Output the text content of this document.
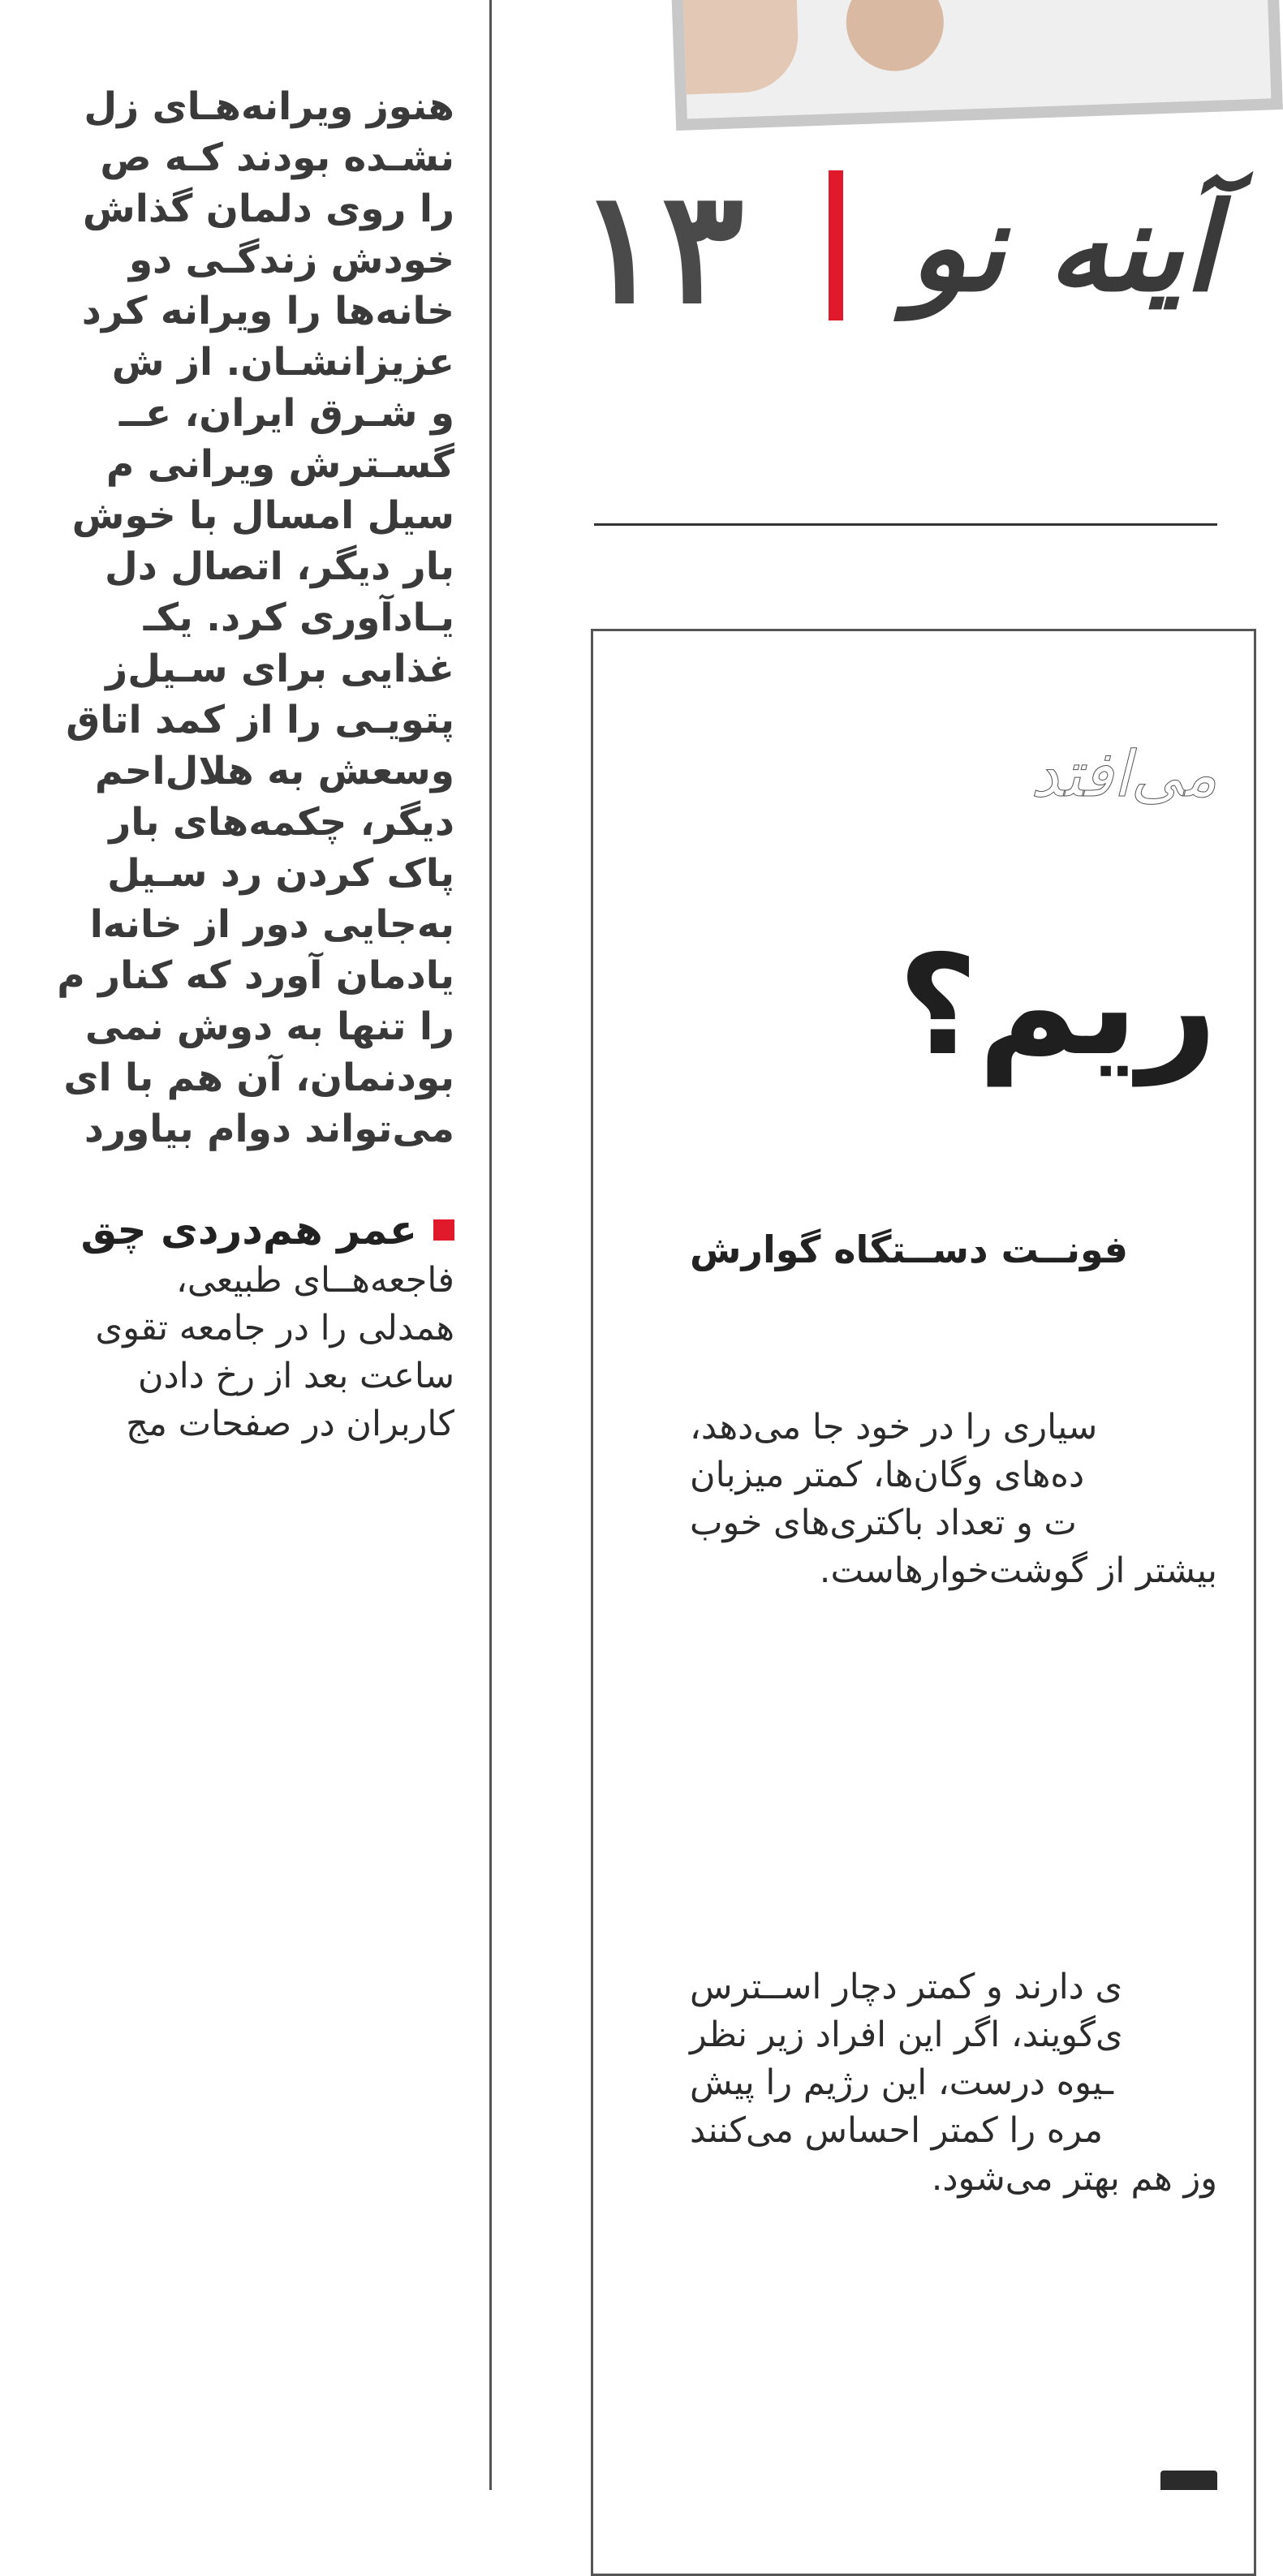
۱۳ آینه نو

هنوز ویرانه‌هـای زل

نشـده بودند کـه ص

را روی دلمان گذاش

خودش زندگـی دو

خانه‌ها را ویرانه کرد

عزیزانشـان. از ش

و شـرق ایران، عــ

گسـترش ویرانی م

سیل امسال با خوش

بار دیگر، اتصال دل

یـادآوری کرد. یکـ

غذایی برای سـیل‌ز

پتویـی را از کمد اتاق

وسعش به هلال‌احم

دیگر، چکمه‌های بار

پاک کردن رد سـیل

به‌جایی دور از خانه‌ا

یادمان آورد که کنار م

را تنها به دوش نمی

بودنمان، آن هم با ای

می‌تواند دوام بیاورد

عمر هم‌دردی چق

فاجعه‌هــای طبیعی،

همدلی را در جامعه تقوی

ساعت بعد از رخ دادن

کاربران در صفحات مج

می‌افتد
ریم؟
فونــت دســتگاه گوارش

سیاری را در خود جا می‌دهد،

ده‌های وگان‌ها، کمتر میزبان

ت و تعداد باکتری‌های خوب

بیشتر از گوشت‌خوارهاست.

ی دارند و کمتر دچار اســترس

ی‌گویند، اگر این افراد زیر نظر

ـیوه درست، این رژیم را پیش

مره را کمتر احساس می‌کنند

وز هم بهتر می‌شود.
